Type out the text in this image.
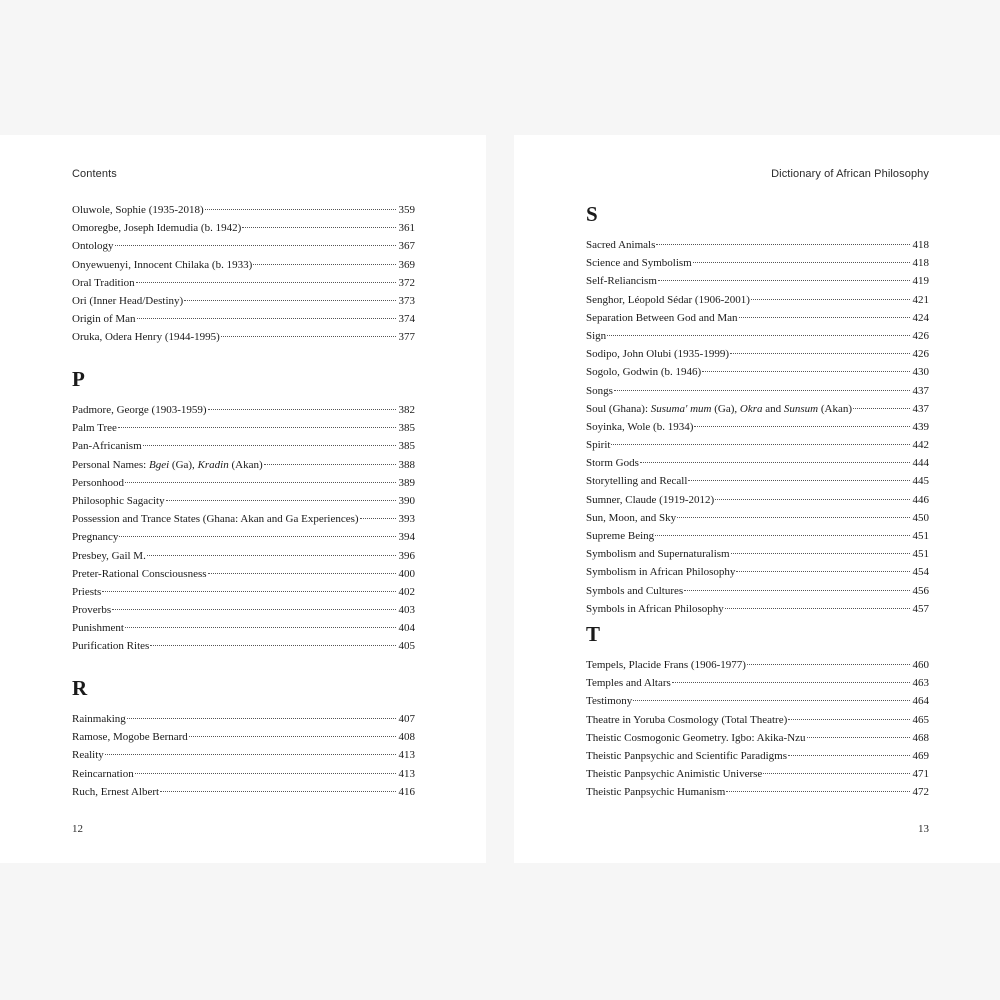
Contents
Oluwole, Sophie (1935-2018)	359
Omoregbe, Joseph Idemudia (b. 1942)	361
Ontology	367
Onyewuenyi, Innocent Chilaka (b. 1933)	369
Oral Tradition	372
Ori (Inner Head/Destiny)	373
Origin of Man	374
Oruka, Odera Henry (1944-1995)	377
P
Padmore, George (1903-1959)	382
Palm Tree	385
Pan-Africanism	385
Personal Names: Bgei (Ga), Kradin (Akan)	388
Personhood	389
Philosophic Sagacity	390
Possession and Trance States (Ghana: Akan and Ga Experiences)	393
Pregnancy	394
Presbey, Gail M.	396
Preter-Rational Consciousness	400
Priests	402
Proverbs	403
Punishment	404
Purification Rites	405
R
Rainmaking	407
Ramose, Mogobe Bernard	408
Reality	413
Reincarnation	413
Ruch, Ernest Albert	416
12
Dictionary of African Philosophy
S
Sacred Animals	418
Science and Symbolism	418
Self-Reliancism	419
Senghor, Léopold Sédar (1906-2001)	421
Separation Between God and Man	424
Sign	426
Sodipo, John Olubi (1935-1999)	426
Sogolo, Godwin (b. 1946)	430
Songs	437
Soul (Ghana): Susuma' mum (Ga), Okra and Sunsum (Akan)	437
Soyinka, Wole (b. 1934)	439
Spirit	442
Storm Gods	444
Storytelling and Recall	445
Sumner, Claude (1919-2012)	446
Sun, Moon, and Sky	450
Supreme Being	451
Symbolism and Supernaturalism	451
Symbolism in African Philosophy	454
Symbols and Cultures	456
Symbols in African Philosophy	457
T
Tempels, Placide Frans (1906-1977)	460
Temples and Altars	463
Testimony	464
Theatre in Yoruba Cosmology (Total Theatre)	465
Theistic Cosmogonic Geometry. Igbo: Akika-Nzu	468
Theistic Panpsychic and Scientific Paradigms	469
Theistic Panpsychic Animistic Universe	471
Theistic Panpsychic Humanism	472
13
